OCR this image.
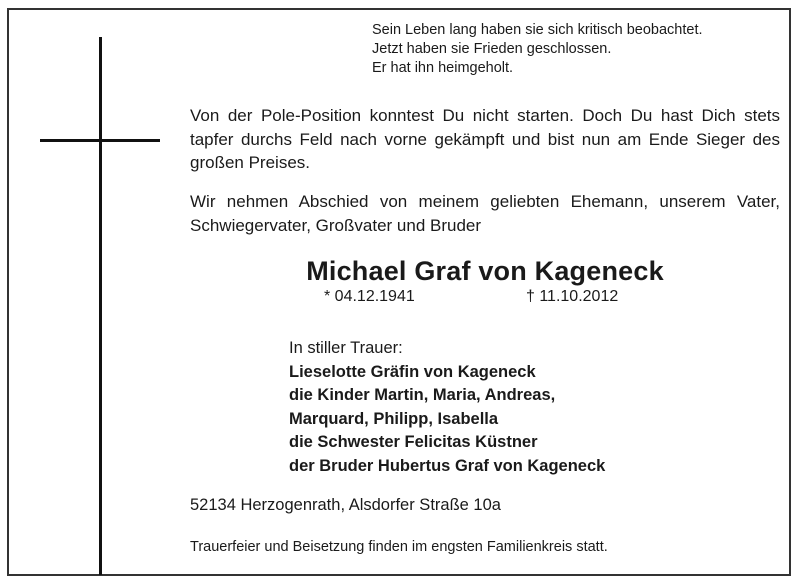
Sein Leben lang haben sie sich kritisch beobachtet.
Jetzt haben sie Frieden geschlossen.
Er hat ihn heimgeholt.
Von der Pole-Position konntest Du nicht starten. Doch Du hast Dich stets tapfer durchs Feld nach vorne gekämpft und bist nun am Ende Sieger des großen Preises.
Wir nehmen Abschied von meinem geliebten Ehemann, unserem Vater, Schwiegervater, Großvater und Bruder
Michael Graf von Kageneck
* 04.12.1941	† 11.10.2012
In stiller Trauer:
Lieselotte Gräfin von Kageneck
die Kinder Martin, Maria, Andreas,
Marquard, Philipp, Isabella
die Schwester Felicitas Küstner
der Bruder Hubertus Graf von Kageneck
52134 Herzogenrath, Alsdorfer Straße 10a
Trauerfeier und Beisetzung finden im engsten Familienkreis statt.
